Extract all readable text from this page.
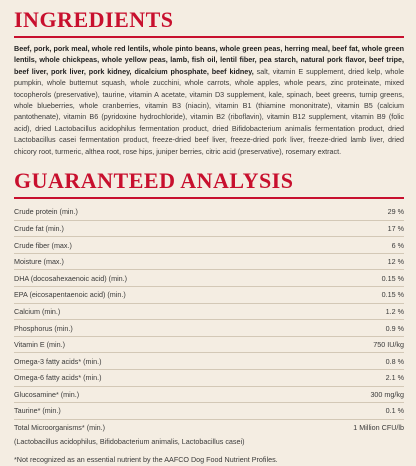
INGREDIENTS

Beef, pork, pork meal, whole red lentils, whole pinto beans, whole green peas, herring meal, beef fat, whole green lentils, whole chickpeas, whole yellow peas, lamb, fish oil, lentil fiber, pea starch, natural pork flavor, beef tripe, beef liver, pork liver, pork kidney, dicalcium phosphate, beef kidney, salt, vitamin E supplement, dried kelp, whole pumpkin, whole butternut squash, whole zucchini, whole carrots, whole apples, whole pears, zinc proteinate, mixed tocopherols (preservative), taurine, vitamin A acetate, vitamin D3 supplement, kale, spinach, beet greens, turnip greens, whole blueberries, whole cranberries, vitamin B3 (niacin), vitamin B1 (thiamine mononitrate), vitamin B5 (calcium pantothenate), vitamin B6 (pyridoxine hydrochloride), vitamin B2 (riboflavin), vitamin B12 supplement, vitamin B9 (folic acid), dried Lactobacillus acidophilus fermentation product, dried Bifidobacterium animalis fermentation product, dried Lactobacillus casei fermentation product, freeze-dried beef liver, freeze-dried pork liver, freeze-dried lamb liver, dried chicory root, turmeric, althea root, rose hips, juniper berries, citric acid (preservative), rosemary extract.

GUARANTEED ANALYSIS
Crude protein (min.)	29 %
Crude fat (min.)	17 %
Crude fiber (max.)	6 %
Moisture (max.)	12 %
DHA (docosahexaenoic acid) (min.)	0.15 %
EPA (eicosapentaenoic acid) (min.)	0.15 %
Calcium (min.)	1.2 %
Phosphorus (min.)	0.9 %
Vitamin E (min.)	750 IU/kg
Omega-3 fatty acids* (min.)	0.8 %
Omega-6 fatty acids* (min.)	2.1 %
Glucosamine* (min.)	300 mg/kg
Taurine* (min.)	0.1 %
Total Microorganisms* (min.)	1 Million CFU/lb

(Lactobacillus acidophilus, Bifidobacterium animalis, Lactobacillus casei)

*Not recognized as an essential nutrient by the AAFCO Dog Food Nutrient Profiles.
